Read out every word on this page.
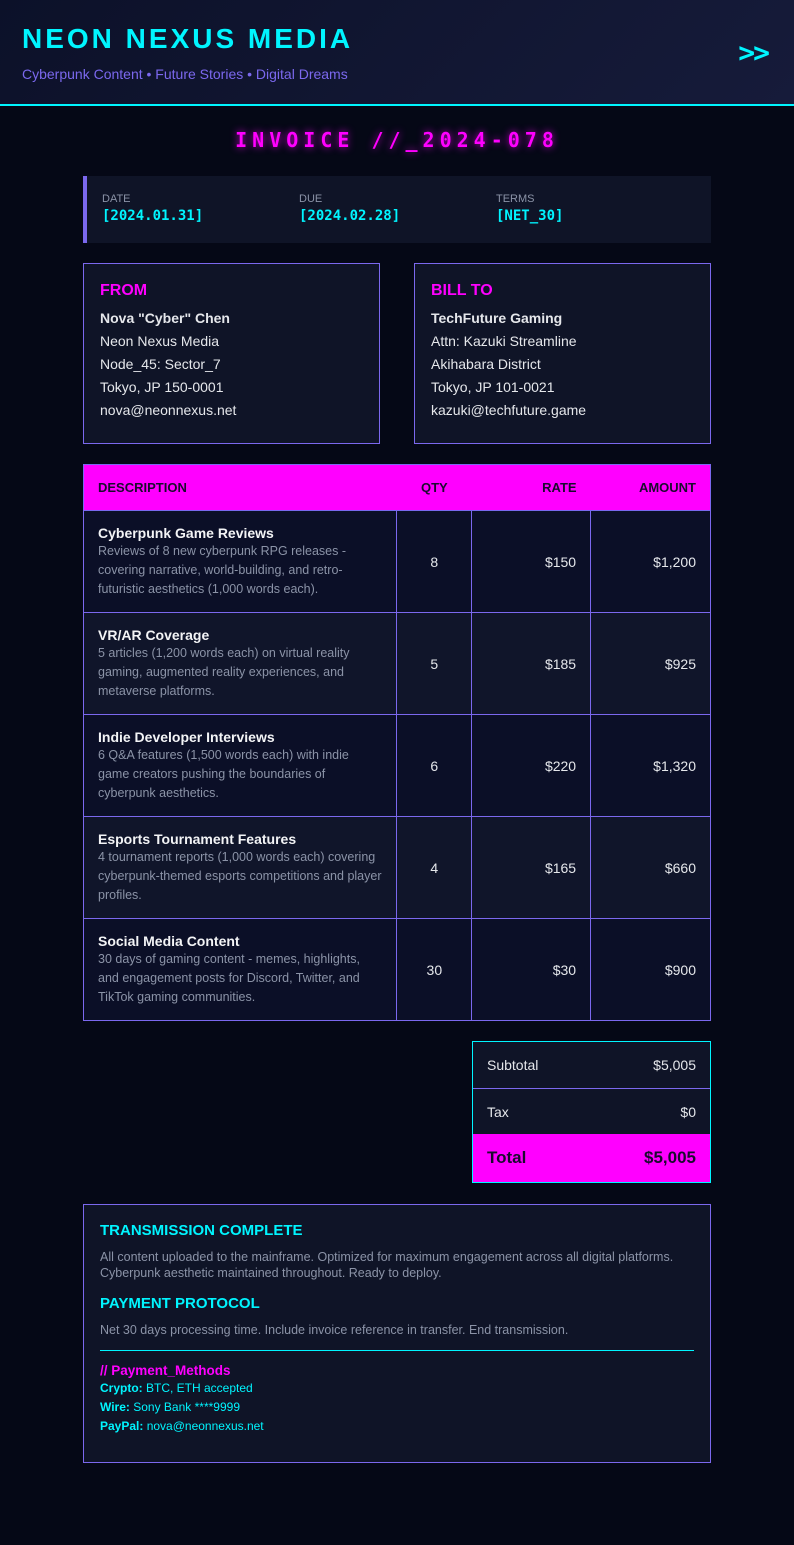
NEON NEXUS MEDIA
Cyberpunk Content • Future Stories • Digital Dreams
>>
INVOICE //_2024-078
DATE
[2024.01.31]
DUE
[2024.02.28]
TERMS
[NET_30]
FROM
Nova "Cyber" Chen
Neon Nexus Media
Node_45: Sector_7
Tokyo, JP 150-0001
nova@neonnexus.net
BILL TO
TechFuture Gaming
Attn: Kazuki Streamline
Akihabara District
Tokyo, JP 101-0021
kazuki@techfuture.game
DESCRIPTION	QTY	RATE	AMOUNT

Cyberpunk Game Reviews
Reviews of 8 new cyberpunk RPG releases - covering narrative, world-building, and retro-futuristic aesthetics (1,000 words each).	8	$150	$1,200

VR/AR Coverage
5 articles (1,200 words each) on virtual reality gaming, augmented reality experiences, and metaverse platforms.	5	$185	$925

Indie Developer Interviews
6 Q&A features (1,500 words each) with indie game creators pushing the boundaries of cyberpunk aesthetics.	6	$220	$1,320

Esports Tournament Features
4 tournament reports (1,000 words each) covering cyberpunk-themed esports competitions and player profiles.	4	$165	$660

Social Media Content
30 days of gaming content - memes, highlights, and engagement posts for Discord, Twitter, and TikTok gaming communities.	30	$30	$900
Subtotal	$5,005
Tax	$0
Total	$5,005
TRANSMISSION COMPLETE
All content uploaded to the mainframe. Optimized for maximum engagement across all digital platforms. Cyberpunk aesthetic maintained throughout. Ready to deploy.
PAYMENT PROTOCOL
Net 30 days processing time. Include invoice reference in transfer. End transmission.
// Payment_Methods
Crypto: BTC, ETH accepted
Wire: Sony Bank ****9999
PayPal: nova@neonnexus.net
